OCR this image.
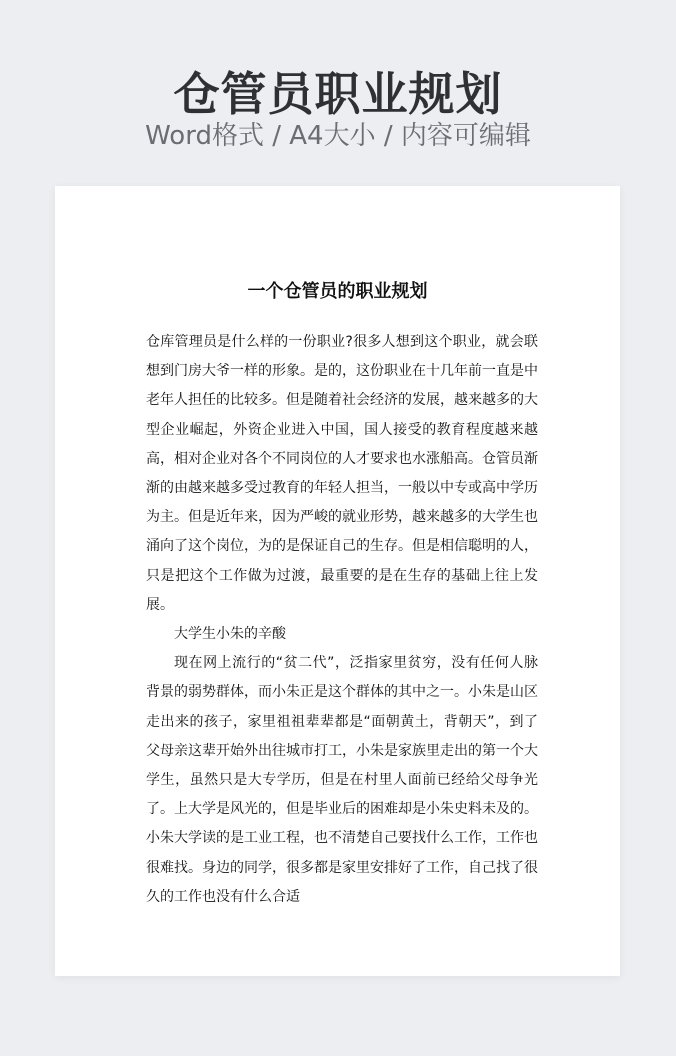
仓管员职业规划

Word格式 / A4大小 / 内容可编辑

一个仓管员的职业规划

仓库管理员是什么样的一份职业?很多人想到这个职业，就会联想到门房大爷一样的形象。是的，这份职业在十几年前一直是中老年人担任的比较多。但是随着社会经济的发展，越来越多的大型企业崛起，外资企业进入中国，国人接受的教育程度越来越高，相对企业对各个不同岗位的人才要求也水涨船高。仓管员渐渐的由越来越多受过教育的年轻人担当，一般以中专或高中学历为主。但是近年来，因为严峻的就业形势，越来越多的大学生也涌向了这个岗位，为的是保证自己的生存。但是相信聪明的人，只是把这个工作做为过渡，最重要的是在生存的基础上往上发展。

大学生小朱的辛酸

现在网上流行的“贫二代”，泛指家里贫穷，没有任何人脉背景的弱势群体，而小朱正是这个群体的其中之一。小朱是山区走出来的孩子，家里祖祖辈辈都是“面朝黄土，背朝天”，到了父母亲这辈开始外出往城市打工，小朱是家族里走出的第一个大学生，虽然只是大专学历，但是在村里人面前已经给父母争光了。上大学是风光的，但是毕业后的困难却是小朱史料未及的。小朱大学读的是工业工程，也不清楚自己要找什么工作，工作也很难找。身边的同学，很多都是家里安排好了工作，自己找了很久的工作也没有什么合适
